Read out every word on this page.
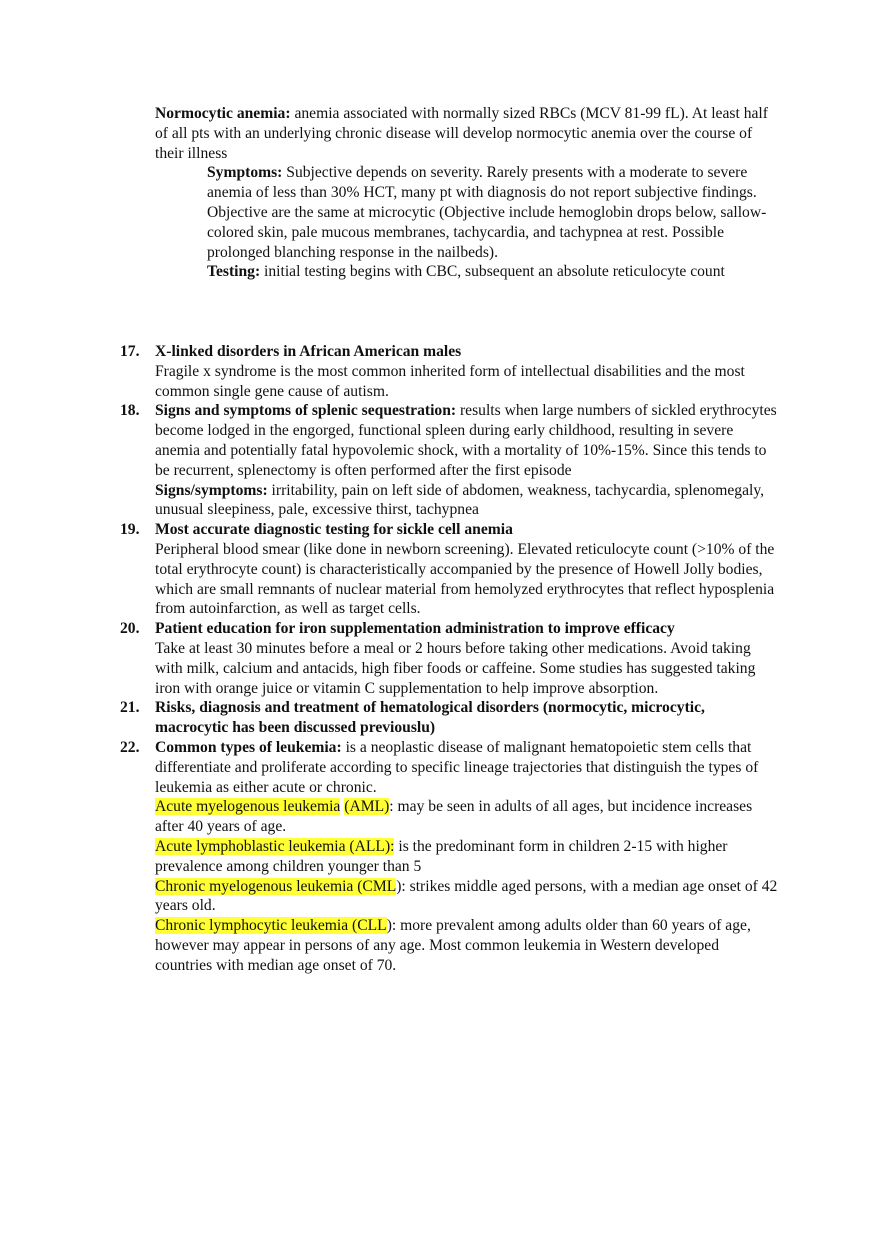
Normocytic anemia: anemia associated with normally sized RBCs (MCV 81-99 fL). At least half of all pts with an underlying chronic disease will develop normocytic anemia over the course of their illness

Symptoms: Subjective depends on severity. Rarely presents with a moderate to severe anemia of less than 30% HCT, many pt with diagnosis do not report subjective findings. Objective are the same at microcytic (Objective include hemoglobin drops below, sallow-colored skin, pale mucous membranes, tachycardia, and tachypnea at rest. Possible prolonged blanching response in the nailbeds).

Testing: initial testing begins with CBC, subsequent an absolute reticulocyte count

17. X-linked disorders in African American males

Fragile x syndrome is the most common inherited form of intellectual disabilities and the most common single gene cause of autism.

18. Signs and symptoms of splenic sequestration: results when large numbers of sickled erythrocytes become lodged in the engorged, functional spleen during early childhood, resulting in severe anemia and potentially fatal hypovolemic shock, with a mortality of 10%-15%. Since this tends to be recurrent, splenectomy is often performed after the first episode

Signs/symptoms: irritability, pain on left side of abdomen, weakness, tachycardia, splenomegaly, unusual sleepiness, pale, excessive thirst, tachypnea

19. Most accurate diagnostic testing for sickle cell anemia

Peripheral blood smear (like done in newborn screening). Elevated reticulocyte count (>10% of the total erythrocyte count) is characteristically accompanied by the presence of Howell Jolly bodies, which are small remnants of nuclear material from hemolyzed erythrocytes that reflect hyposplenia from autoinfarction, as well as target cells.

20. Patient education for iron supplementation administration to improve efficacy

Take at least 30 minutes before a meal or 2 hours before taking other medications. Avoid taking with milk, calcium and antacids, high fiber foods or caffeine. Some studies has suggested taking iron with orange juice or vitamin C supplementation to help improve absorption.

21. Risks, diagnosis and treatment of hematological disorders (normocytic, microcytic, macrocytic has been discussed previouslu)

22. Common types of leukemia: is a neoplastic disease of malignant hematopoietic stem cells that differentiate and proliferate according to specific lineage trajectories that distinguish the types of leukemia as either acute or chronic.

Acute myelogenous leukemia (AML): may be seen in adults of all ages, but incidence increases after 40 years of age.

Acute lymphoblastic leukemia (ALL): is the predominant form in children 2-15 with higher prevalence among children younger than 5

Chronic myelogenous leukemia (CML): strikes middle aged persons, with a median age onset of 42 years old.

Chronic lymphocytic leukemia (CLL): more prevalent among adults older than 60 years of age, however may appear in persons of any age. Most common leukemia in Western developed countries with median age onset of 70.
